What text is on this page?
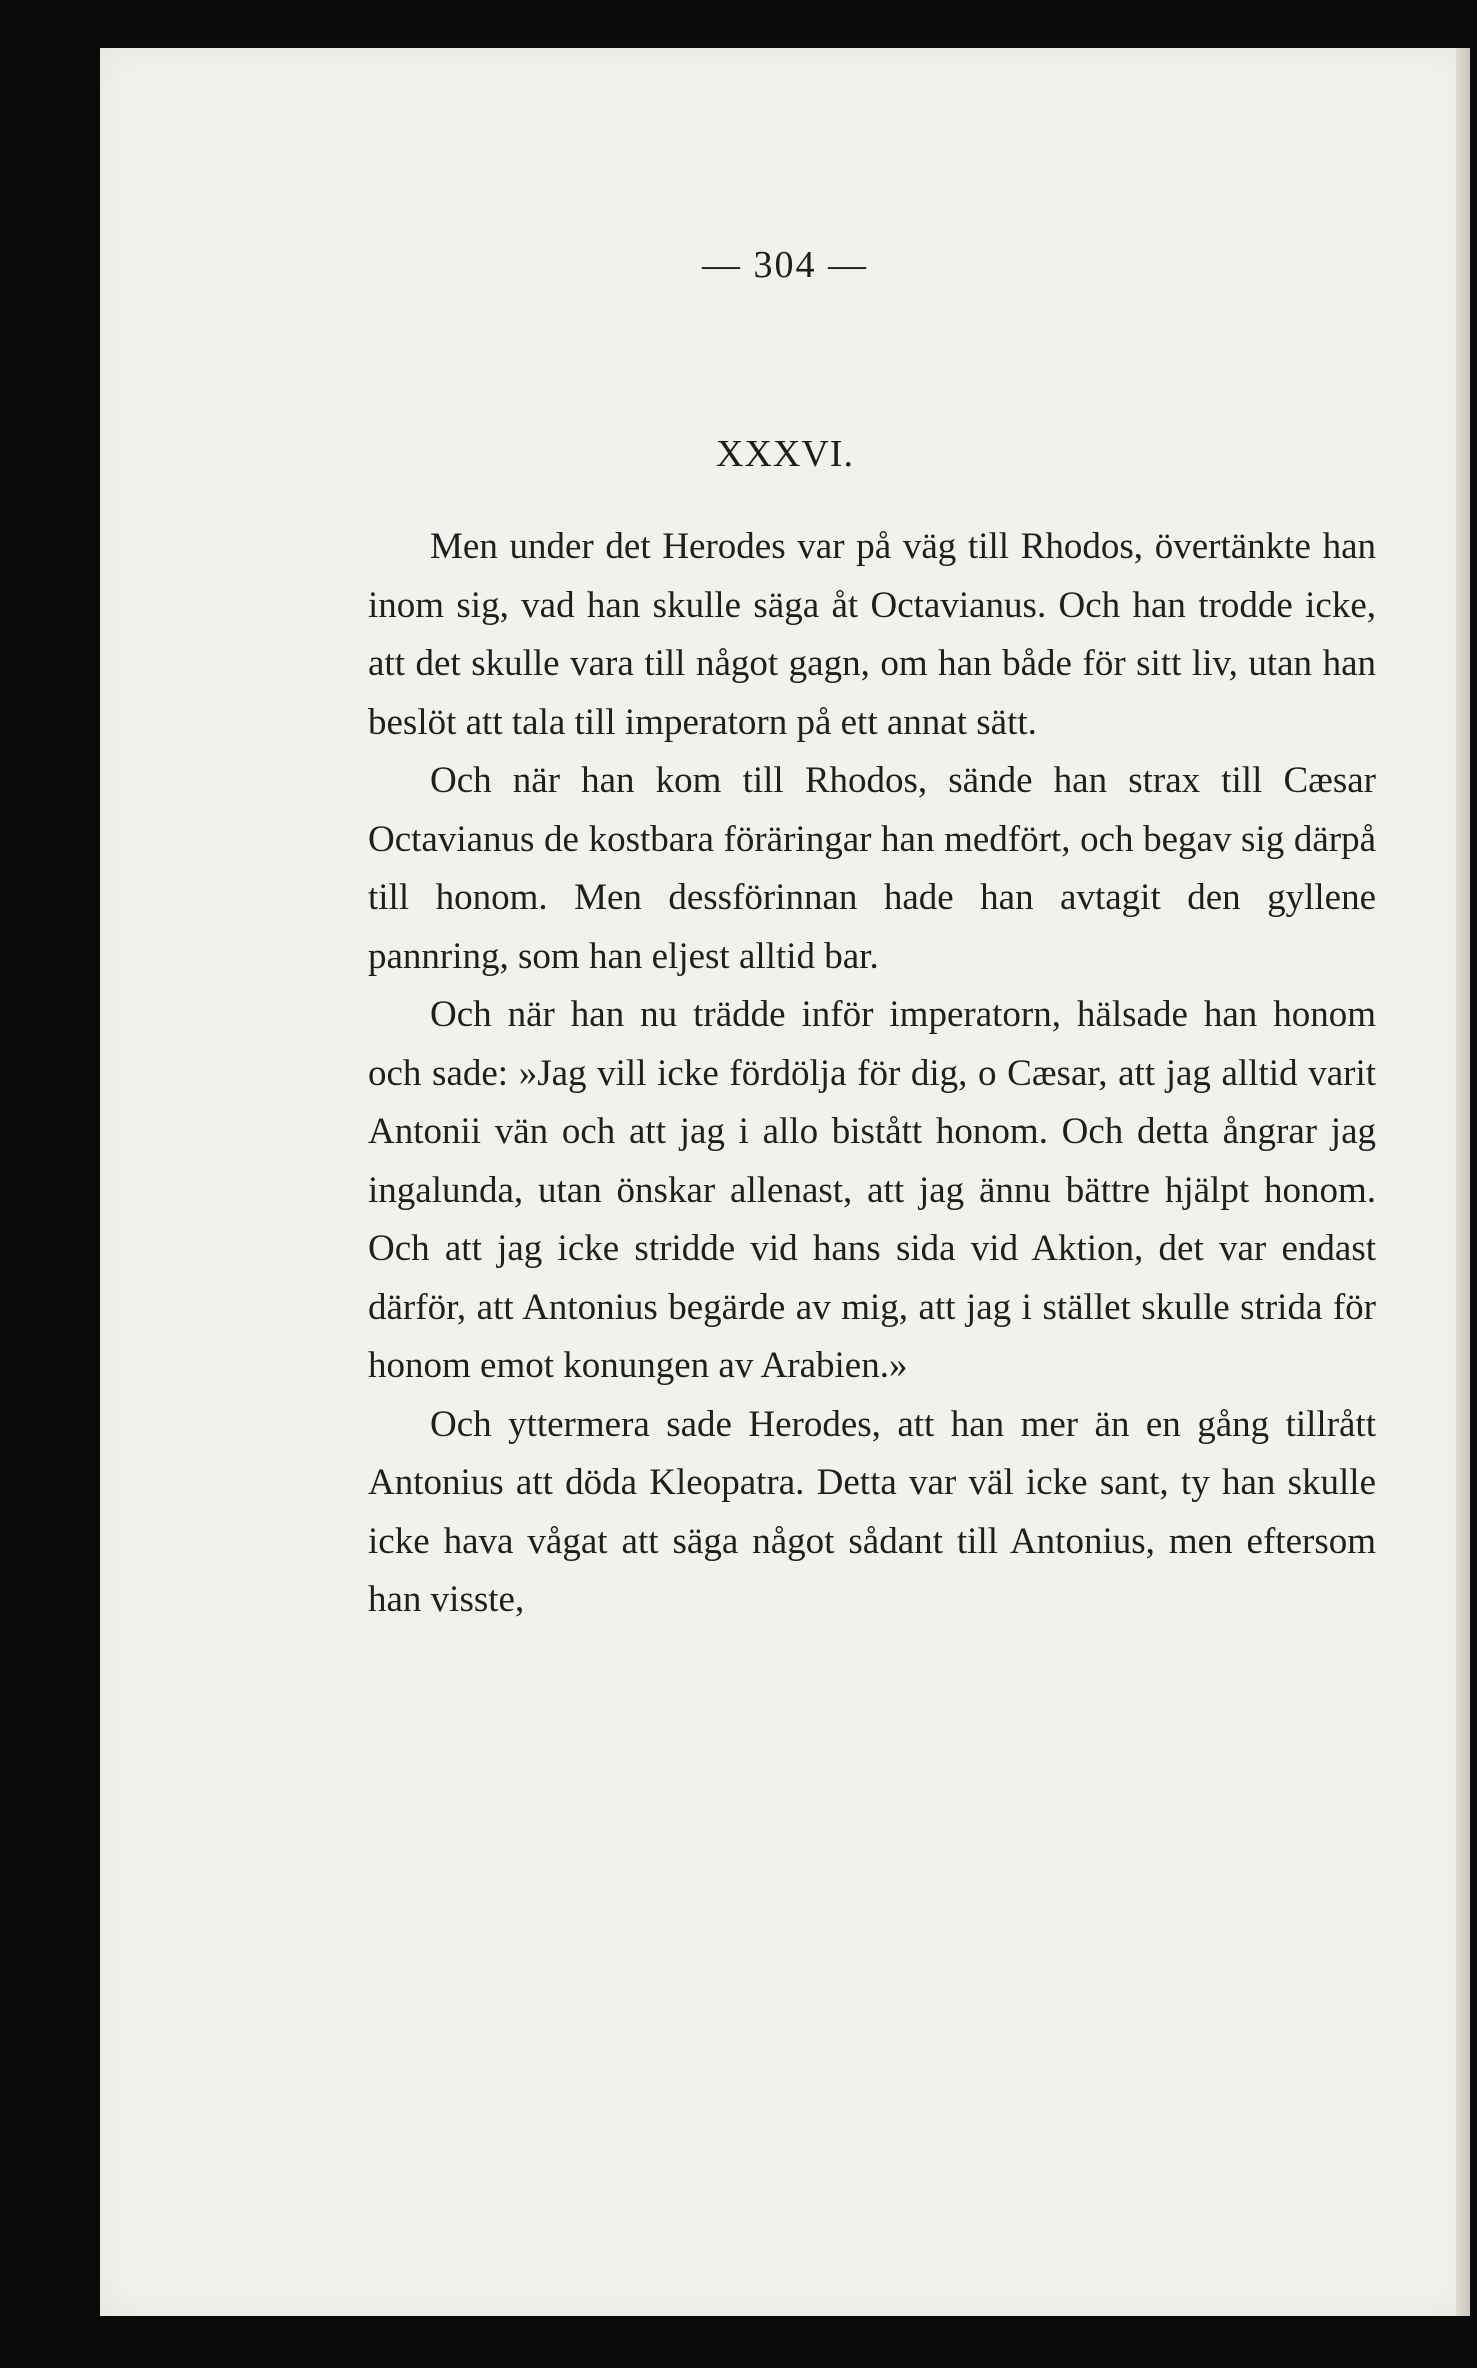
— 304 —
XXXVI.

Men under det Herodes var på väg till Rhodos, övertänkte han inom sig, vad han skulle säga åt Octavianus. Och han trodde icke, att det skulle vara till något gagn, om han både för sitt liv, utan han beslöt att tala till imperatorn på ett annat sätt.

Och när han kom till Rhodos, sände han strax till Cæsar Octavianus de kostbara föräringar han medfört, och begav sig därpå till honom. Men dessförinnan hade han avtagit den gyllene pannring, som han eljest alltid bar.

Och när han nu trädde inför imperatorn, hälsade han honom och sade: »Jag vill icke fördölja för dig, o Cæsar, att jag alltid varit Antonii vän och att jag i allo bistått honom. Och detta ångrar jag ingalunda, utan önskar allenast, att jag ännu bättre hjälpt honom. Och att jag icke stridde vid hans sida vid Aktion, det var endast därför, att Antonius begärde av mig, att jag i stället skulle strida för honom emot konungen av Arabien.»

Och yttermera sade Herodes, att han mer än en gång tillrått Antonius att döda Kleopatra. Detta var väl icke sant, ty han skulle icke hava vågat att säga något sådant till Antonius, men eftersom han visste,
